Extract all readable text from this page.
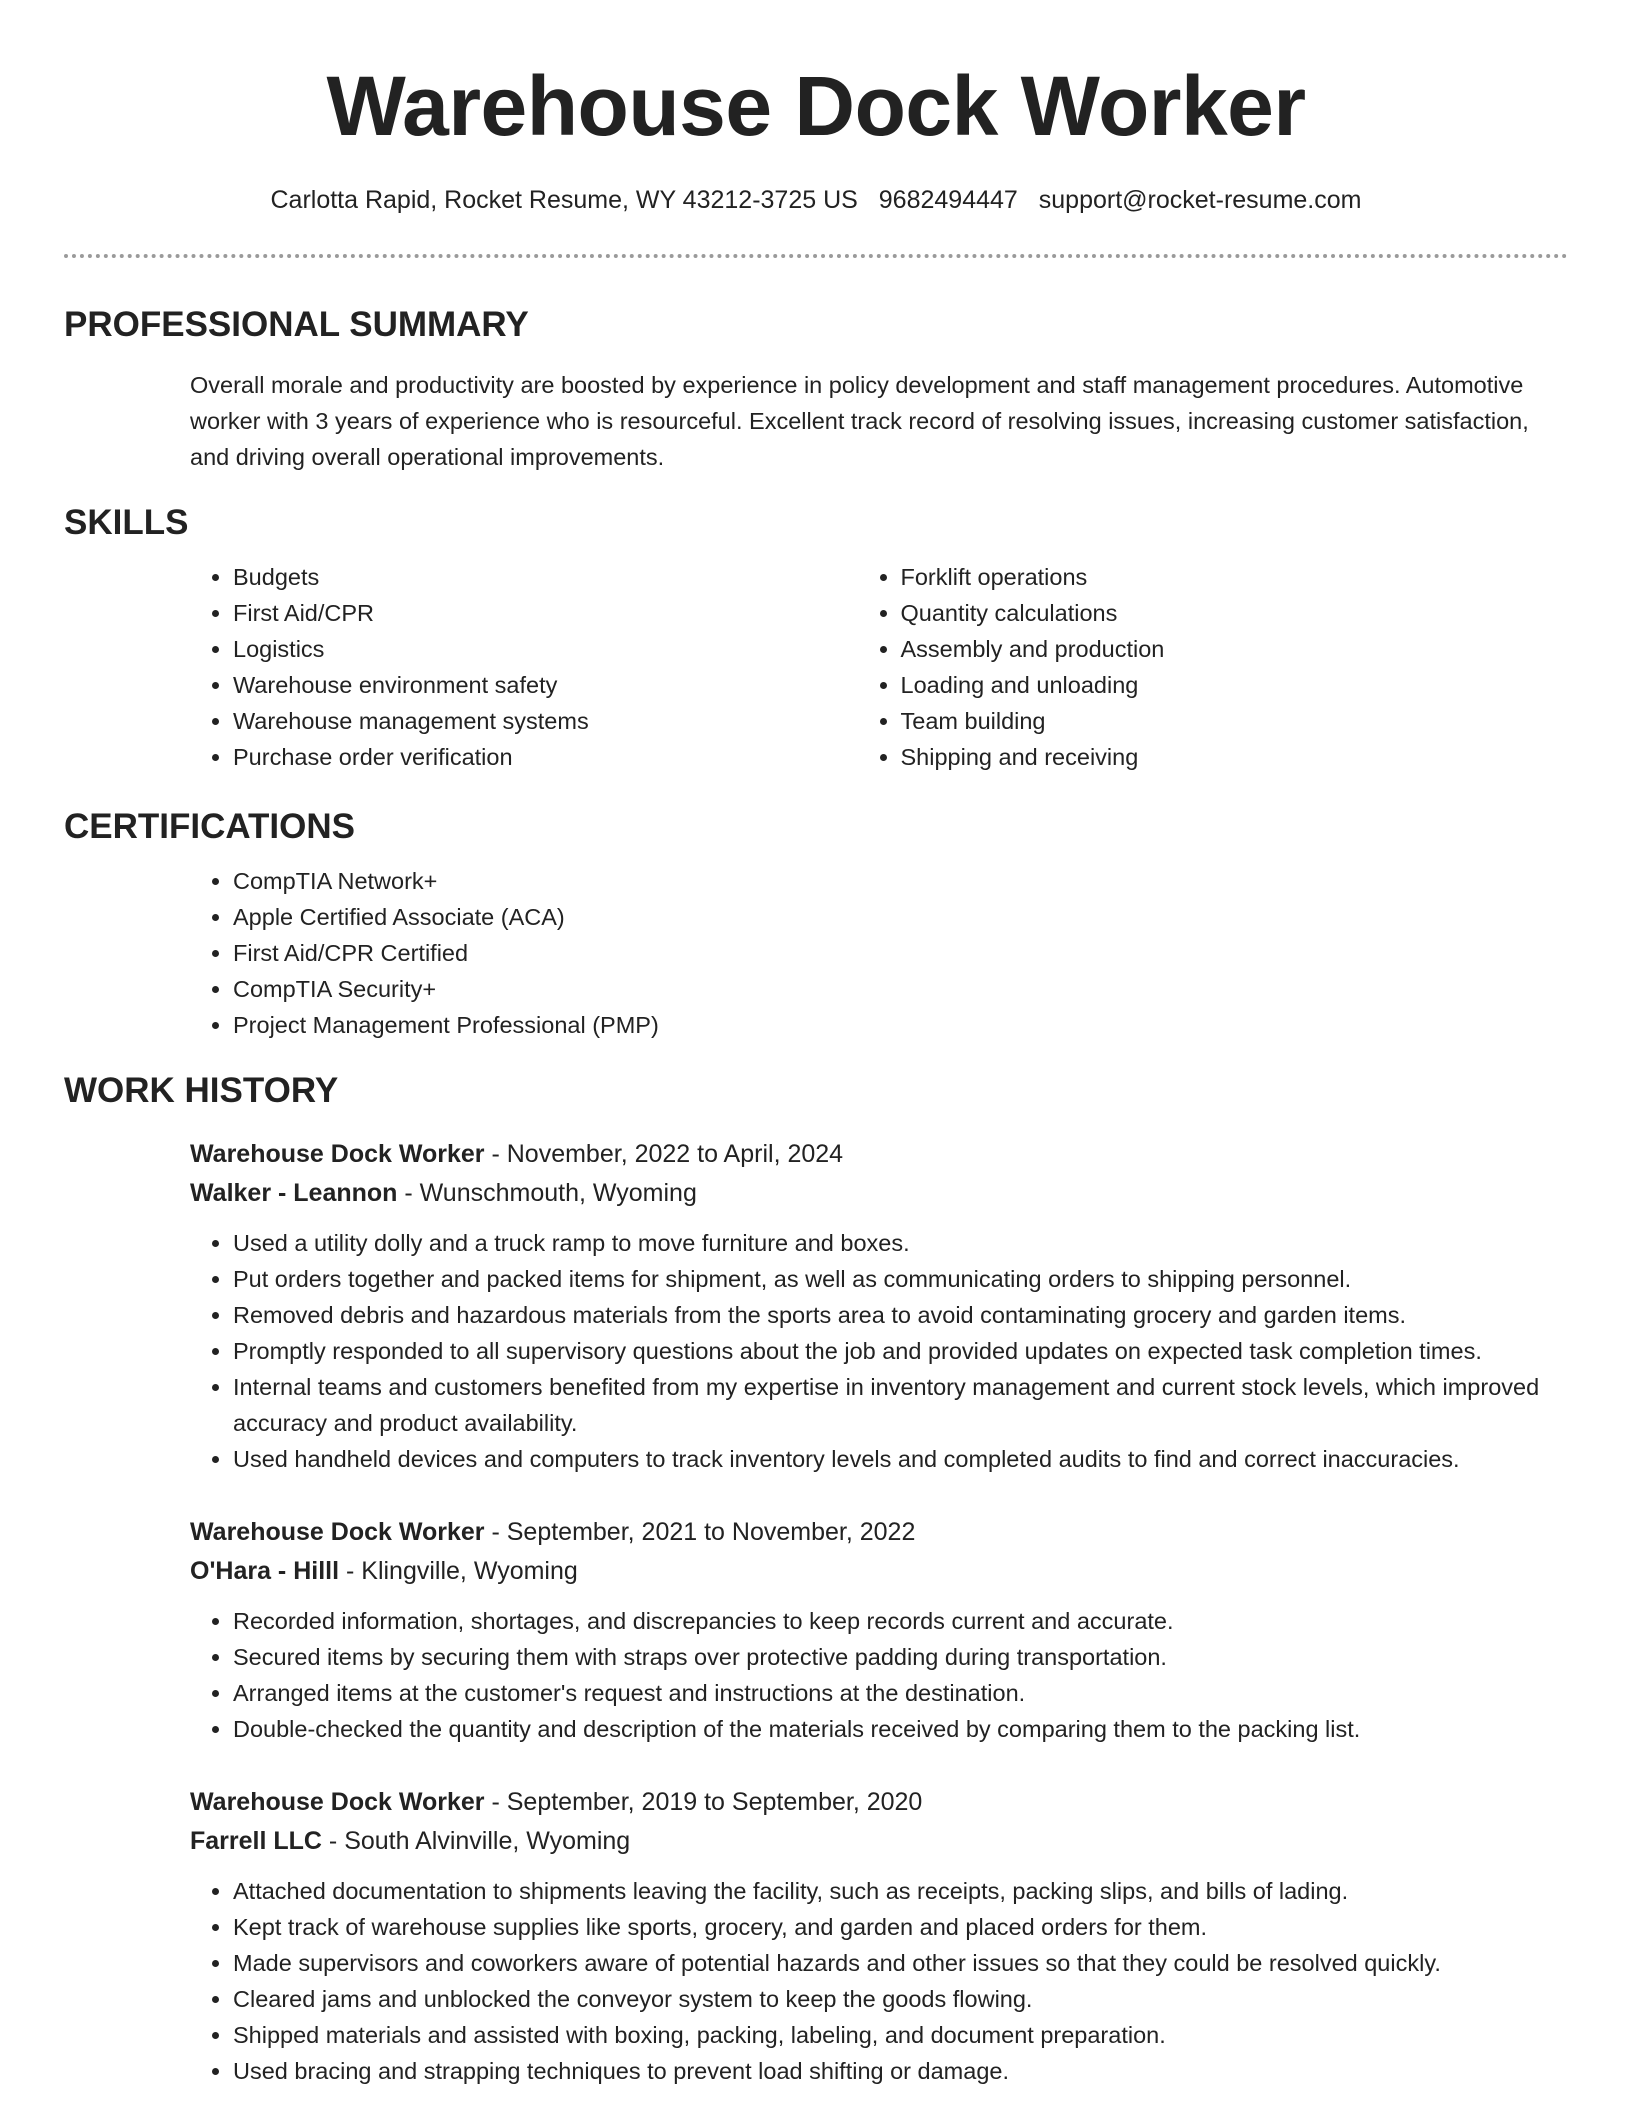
Warehouse Dock Worker
Carlotta Rapid, Rocket Resume, WY 43212-3725 US 9682494447 support@rocket-resume.com
PROFESSIONAL SUMMARY

Overall morale and productivity are boosted by experience in policy development and staff management procedures. Automotive worker with 3 years of experience who is resourceful. Excellent track record of resolving issues, increasing customer satisfaction, and driving overall operational improvements.

SKILLS
• Budgets
• First Aid/CPR
• Logistics
• Warehouse environment safety
• Warehouse management systems
• Purchase order verification
• Forklift operations
• Quantity calculations
• Assembly and production
• Loading and unloading
• Team building
• Shipping and receiving
CERTIFICATIONS
• CompTIA Network+
• Apple Certified Associate (ACA)
• First Aid/CPR Certified
• CompTIA Security+
• Project Management Professional (PMP)
WORK HISTORY
Warehouse Dock Worker - November, 2022 to April, 2024
Walker - Leannon - Wunschmouth, Wyoming
• Used a utility dolly and a truck ramp to move furniture and boxes.
• Put orders together and packed items for shipment, as well as communicating orders to shipping personnel.
• Removed debris and hazardous materials from the sports area to avoid contaminating grocery and garden items.
• Promptly responded to all supervisory questions about the job and provided updates on expected task completion times.
• Internal teams and customers benefited from my expertise in inventory management and current stock levels, which improved accuracy and product availability.
• Used handheld devices and computers to track inventory levels and completed audits to find and correct inaccuracies.
Warehouse Dock Worker - September, 2021 to November, 2022
O'Hara - Hilll - Klingville, Wyoming
• Recorded information, shortages, and discrepancies to keep records current and accurate.
• Secured items by securing them with straps over protective padding during transportation.
• Arranged items at the customer's request and instructions at the destination.
• Double-checked the quantity and description of the materials received by comparing them to the packing list.
Warehouse Dock Worker - September, 2019 to September, 2020
Farrell LLC - South Alvinville, Wyoming
• Attached documentation to shipments leaving the facility, such as receipts, packing slips, and bills of lading.
• Kept track of warehouse supplies like sports, grocery, and garden and placed orders for them.
• Made supervisors and coworkers aware of potential hazards and other issues so that they could be resolved quickly.
• Cleared jams and unblocked the conveyor system to keep the goods flowing.
• Shipped materials and assisted with boxing, packing, labeling, and document preparation.
• Used bracing and strapping techniques to prevent load shifting or damage.
